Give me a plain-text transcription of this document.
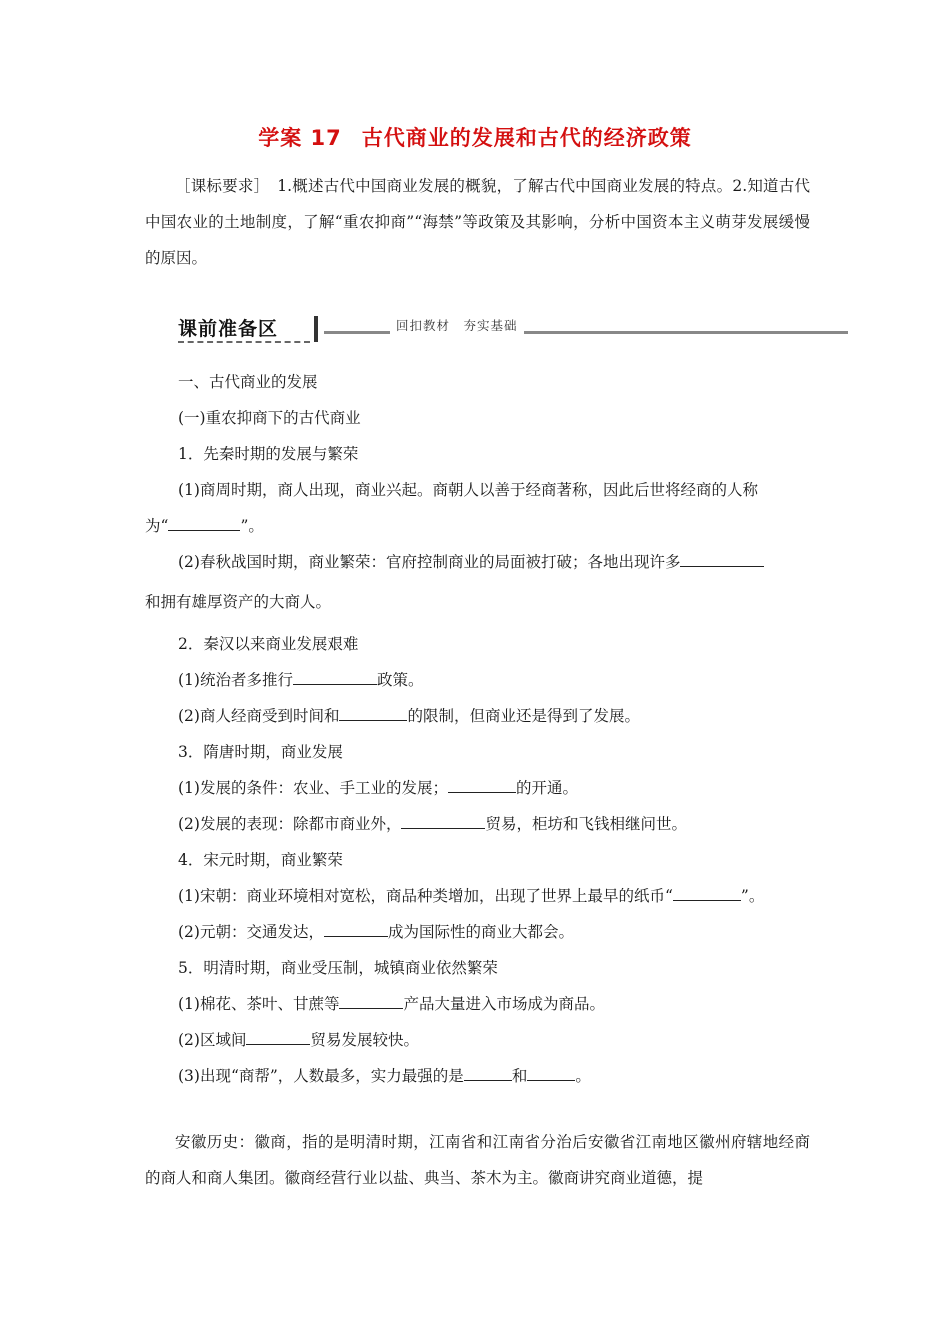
学案 17 古代商业的发展和古代的经济政策
［课标要求］　1.概述古代中国商业发展的概貌，了解古代中国商业发展的特点。2.知道古代中国农业的土地制度，了解“重农抑商”“海禁”等政策及其影响，分析中国资本主义萌芽发展缓慢的原因。
课前准备区	回扣教材　夯实基础
一、古代商业的发展
(一)重农抑商下的古代商业
1．先秦时期的发展与繁荣
(1)商周时期，商人出现，商业兴起。商朝人以善于经商著称，因此后世将经商的人称
为“	”。
(2)春秋战国时期，商业繁荣：官府控制商业的局面被打破；各地出现许多
和拥有雄厚资产的大商人。
2．秦汉以来商业发展艰难
(1)统治者多推行	政策。
(2)商人经商受到时间和	的限制，但商业还是得到了发展。
3．隋唐时期，商业发展
(1)发展的条件：农业、手工业的发展；	的开通。
(2)发展的表现：除都市商业外，	贸易，柜坊和飞钱相继问世。
4．宋元时期，商业繁荣
(1)宋朝：商业环境相对宽松，商品种类增加，出现了世界上最早的纸币“	”。
(2)元朝：交通发达，	成为国际性的商业大都会。
5．明清时期，商业受压制，城镇商业依然繁荣
(1)棉花、茶叶、甘蔗等	产品大量进入市场成为商品。
(2)区域间	贸易发展较快。
(3)出现“商帮”，人数最多，实力最强的是	和	。
安徽历史：徽商，指的是明清时期，江南省和江南省分治后安徽省江南地区徽州府辖地经商的商人和商人集团。徽商经营行业以盐、典当、茶木为主。徽商讲究商业道德，提
